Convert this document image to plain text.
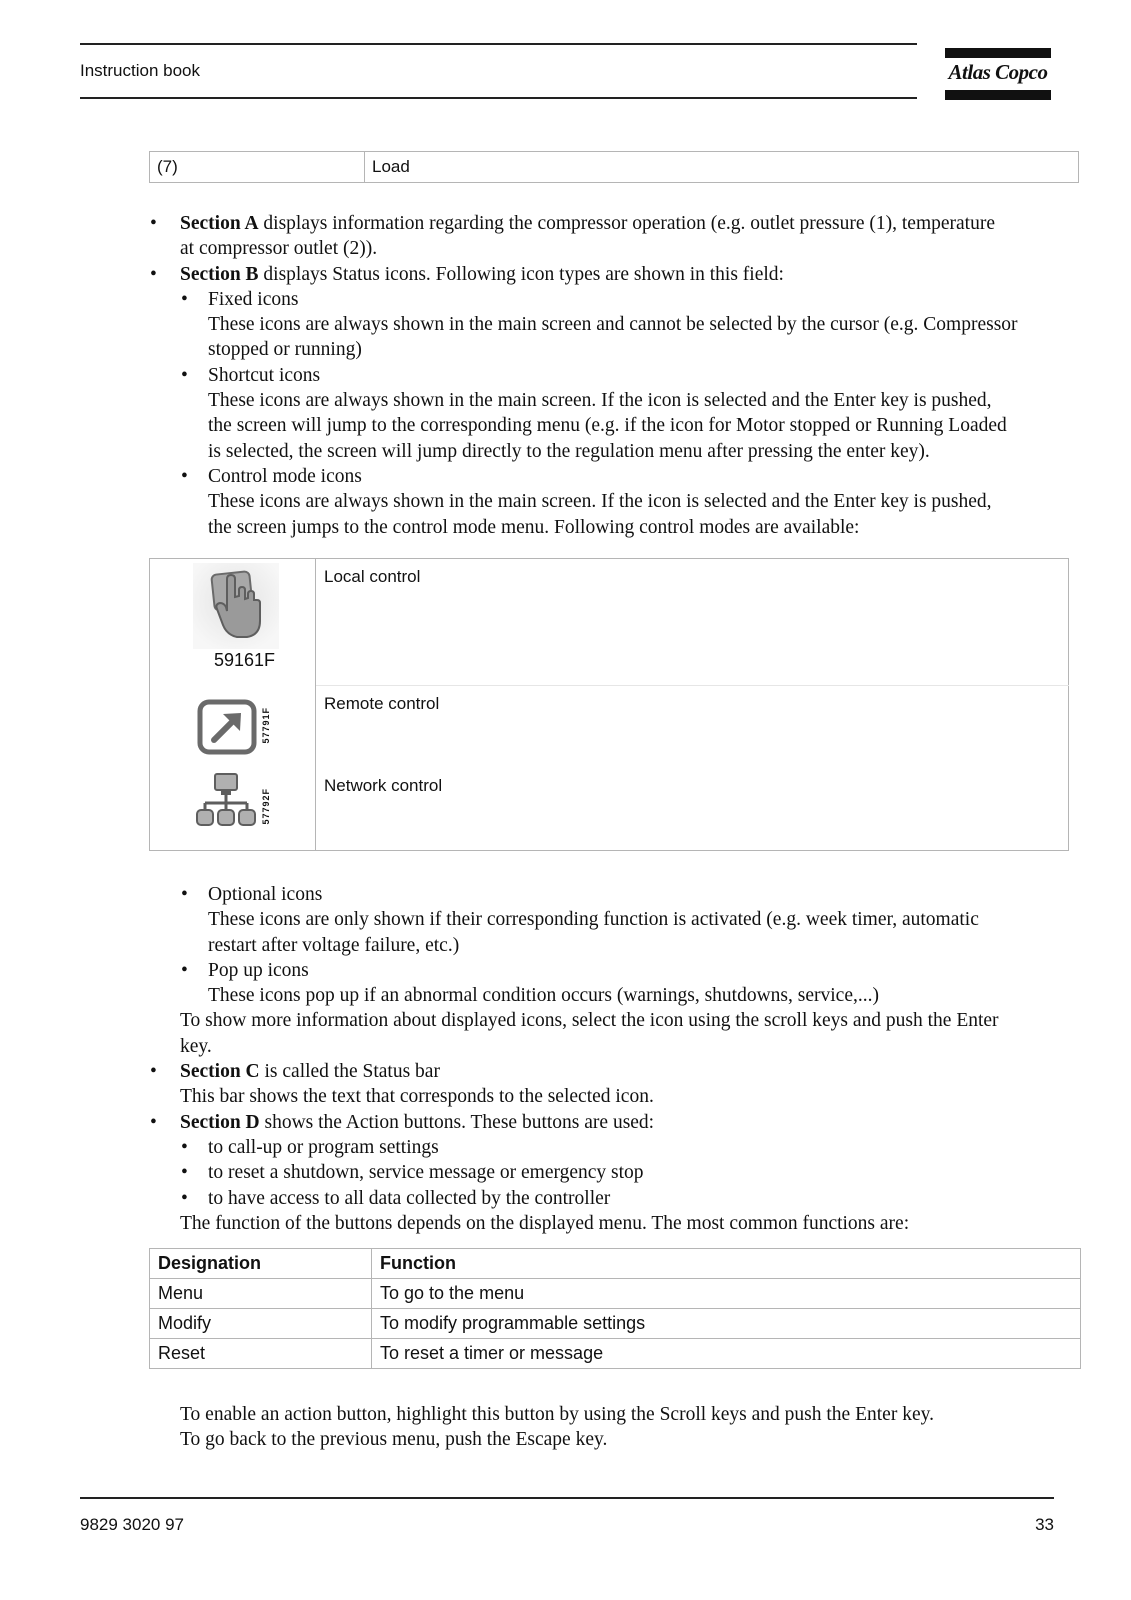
Instruction book	Atlas Copco
(7)	Load
• Section A displays information regarding the compressor operation (e.g. outlet pressure (1), temperature
at compressor outlet (2)).
• Section B displays Status icons. Following icon types are shown in this field:
• Fixed icons
These icons are always shown in the main screen and cannot be selected by the cursor (e.g. Compressor
stopped or running)
• Shortcut icons
These icons are always shown in the main screen. If the icon is selected and the Enter key is pushed,
the screen will jump to the corresponding menu (e.g. if the icon for Motor stopped or Running Loaded
is selected, the screen will jump directly to the regulation menu after pressing the enter key).
• Control mode icons
These icons are always shown in the main screen. If the icon is selected and the Enter key is pushed,
the screen jumps to the control mode menu. Following control modes are available:
59161F	Local control

57791F	Remote control

57792F	Network control
• Optional icons
These icons are only shown if their corresponding function is activated (e.g. week timer, automatic
restart after voltage failure, etc.)
• Pop up icons
These icons pop up if an abnormal condition occurs (warnings, shutdowns, service,...)
To show more information about displayed icons, select the icon using the scroll keys and push the Enter
key.
• Section C is called the Status bar
This bar shows the text that corresponds to the selected icon.
• Section D shows the Action buttons. These buttons are used:
• to call-up or program settings
• to reset a shutdown, service message or emergency stop
• to have access to all data collected by the controller
The function of the buttons depends on the displayed menu. The most common functions are:
Designation	Function
Menu	To go to the menu
Modify	To modify programmable settings
Reset	To reset a timer or message
To enable an action button, highlight this button by using the Scroll keys and push the Enter key.
To go back to the previous menu, push the Escape key.
9829 3020 97	33
